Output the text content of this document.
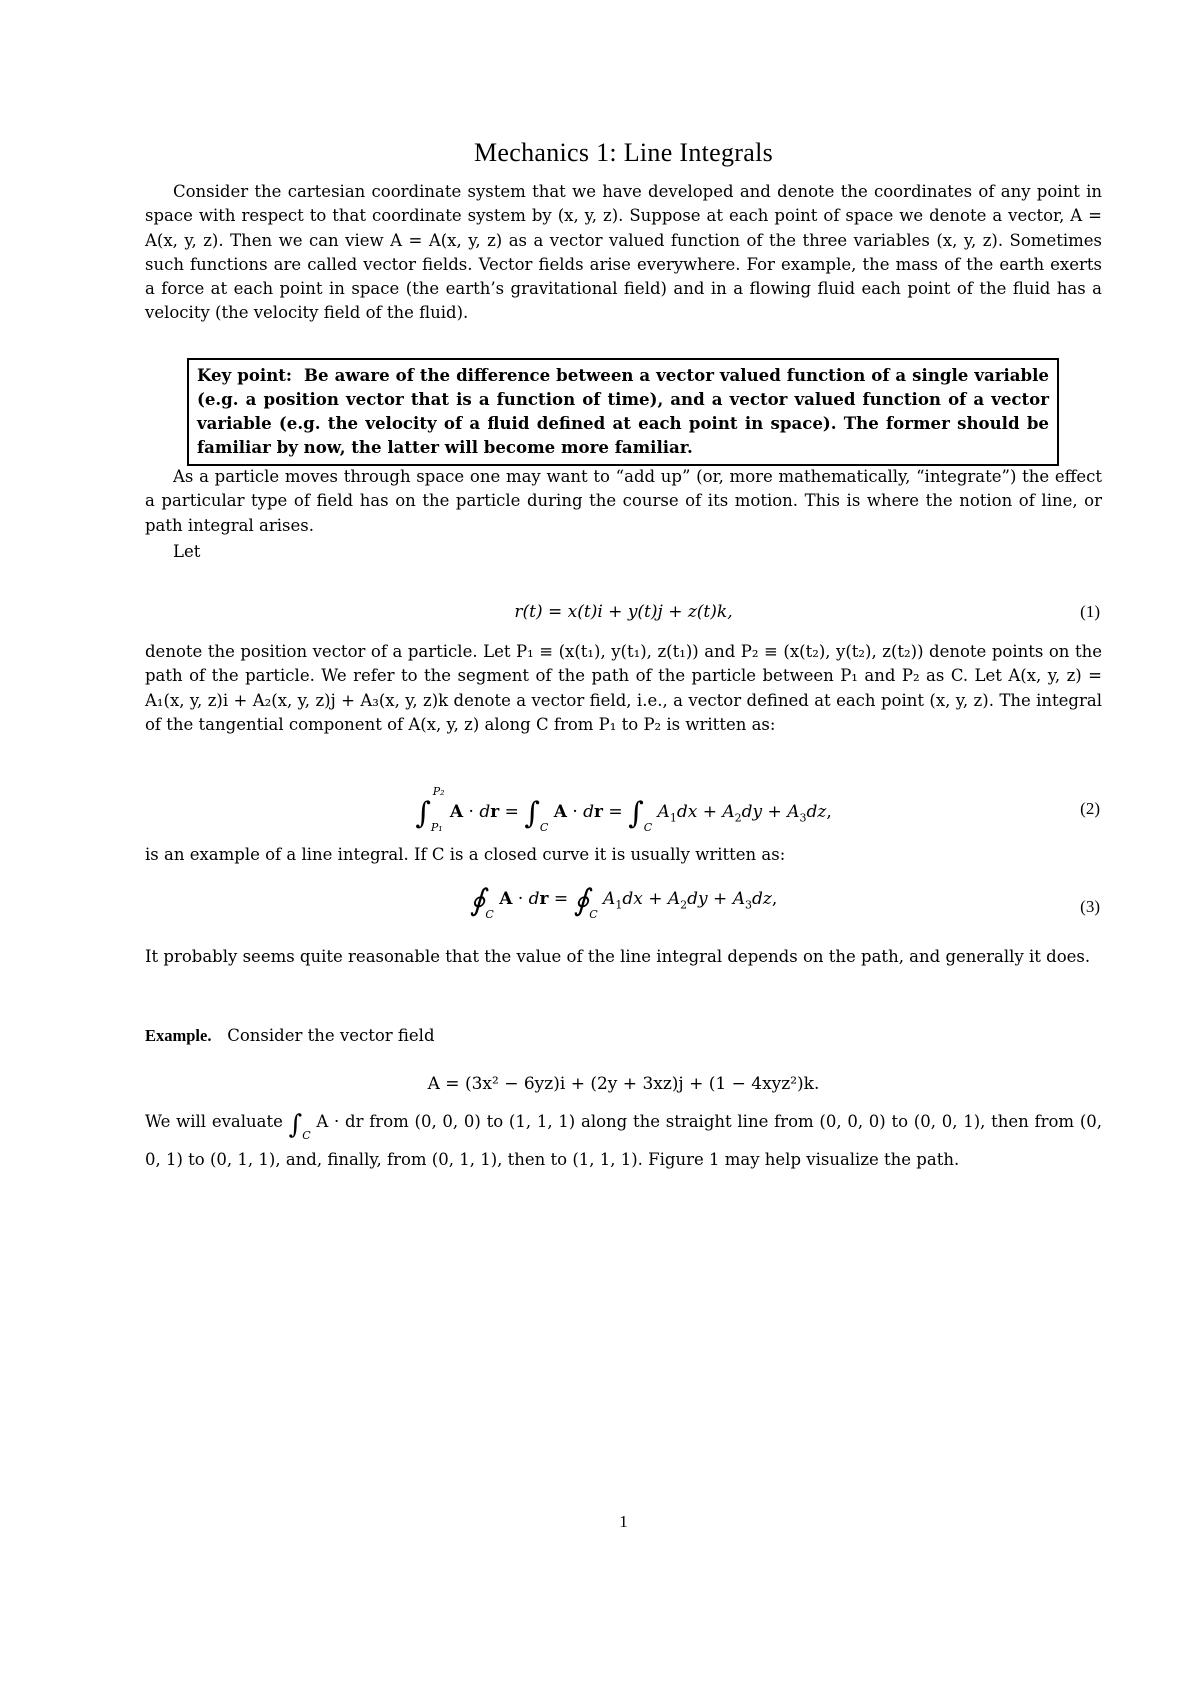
Mechanics 1: Line Integrals

Consider the cartesian coordinate system that we have developed and denote the coordinates of any point in space with respect to that coordinate system by (x, y, z). Suppose at each point of space we denote a vector, A = A(x, y, z). Then we can view A = A(x, y, z) as a vector valued function of the three variables (x, y, z). Sometimes such functions are called vector fields. Vector fields arise everywhere. For example, the mass of the earth exerts a force at each point in space (the earth’s gravitational field) and in a flowing fluid each point of the fluid has a velocity (the velocity field of the fluid).

Key point: Be aware of the difference between a vector valued function of a single variable (e.g. a position vector that is a function of time), and a vector valued function of a vector variable (e.g. the velocity of a fluid defined at each point in space). The former should be familiar by now, the latter will become more familiar.

As a particle moves through space one may want to “add up” (or, more mathematically, “integrate”) the effect a particular type of field has on the particle during the course of its motion. This is where the notion of line, or path integral arises.

Let

r(t) = x(t)i + y(t)j + z(t)k,	(1)

denote the position vector of a particle. Let P₁ ≡ (x(t₁), y(t₁), z(t₁)) and P₂ ≡ (x(t₂), y(t₂), z(t₂)) denote points on the path of the particle. We refer to the segment of the path of the particle between P₁ and P₂ as C. Let A(x, y, z) = A₁(x, y, z)i + A₂(x, y, z)j + A₃(x, y, z)k denote a vector field, i.e., a vector defined at each point (x, y, z). The integral of the tangential component of A(x, y, z) along C from P₁ to P₂ is written as:

$\int_{P_1}^{P_2}$ A · dr = $\int_C$ A · dr = $\int_C$ $A_1dx + A_2dy + A_3dz$,	(2)

is an example of a line integral. If C is a closed curve it is usually written as:

$∮_C$ A · dr = $∮_C$ $A_1dx + A_2dy + A_3dz$,	(3)

It probably seems quite reasonable that the value of the line integral depends on the path, and generally it does.

Example. Consider the vector field

A = (3x² − 6yz)i + (2y + 3xz)j + (1 − 4xyz²)k.

We will evaluate $\int_C$ A · dr from (0, 0, 0) to (1, 1, 1) along the straight line from (0, 0, 0) to (0, 0, 1), then from (0, 0, 1) to (0, 1, 1), and, finally, from (0, 1, 1), then to (1, 1, 1). Figure 1 may help visualize the path.

1
